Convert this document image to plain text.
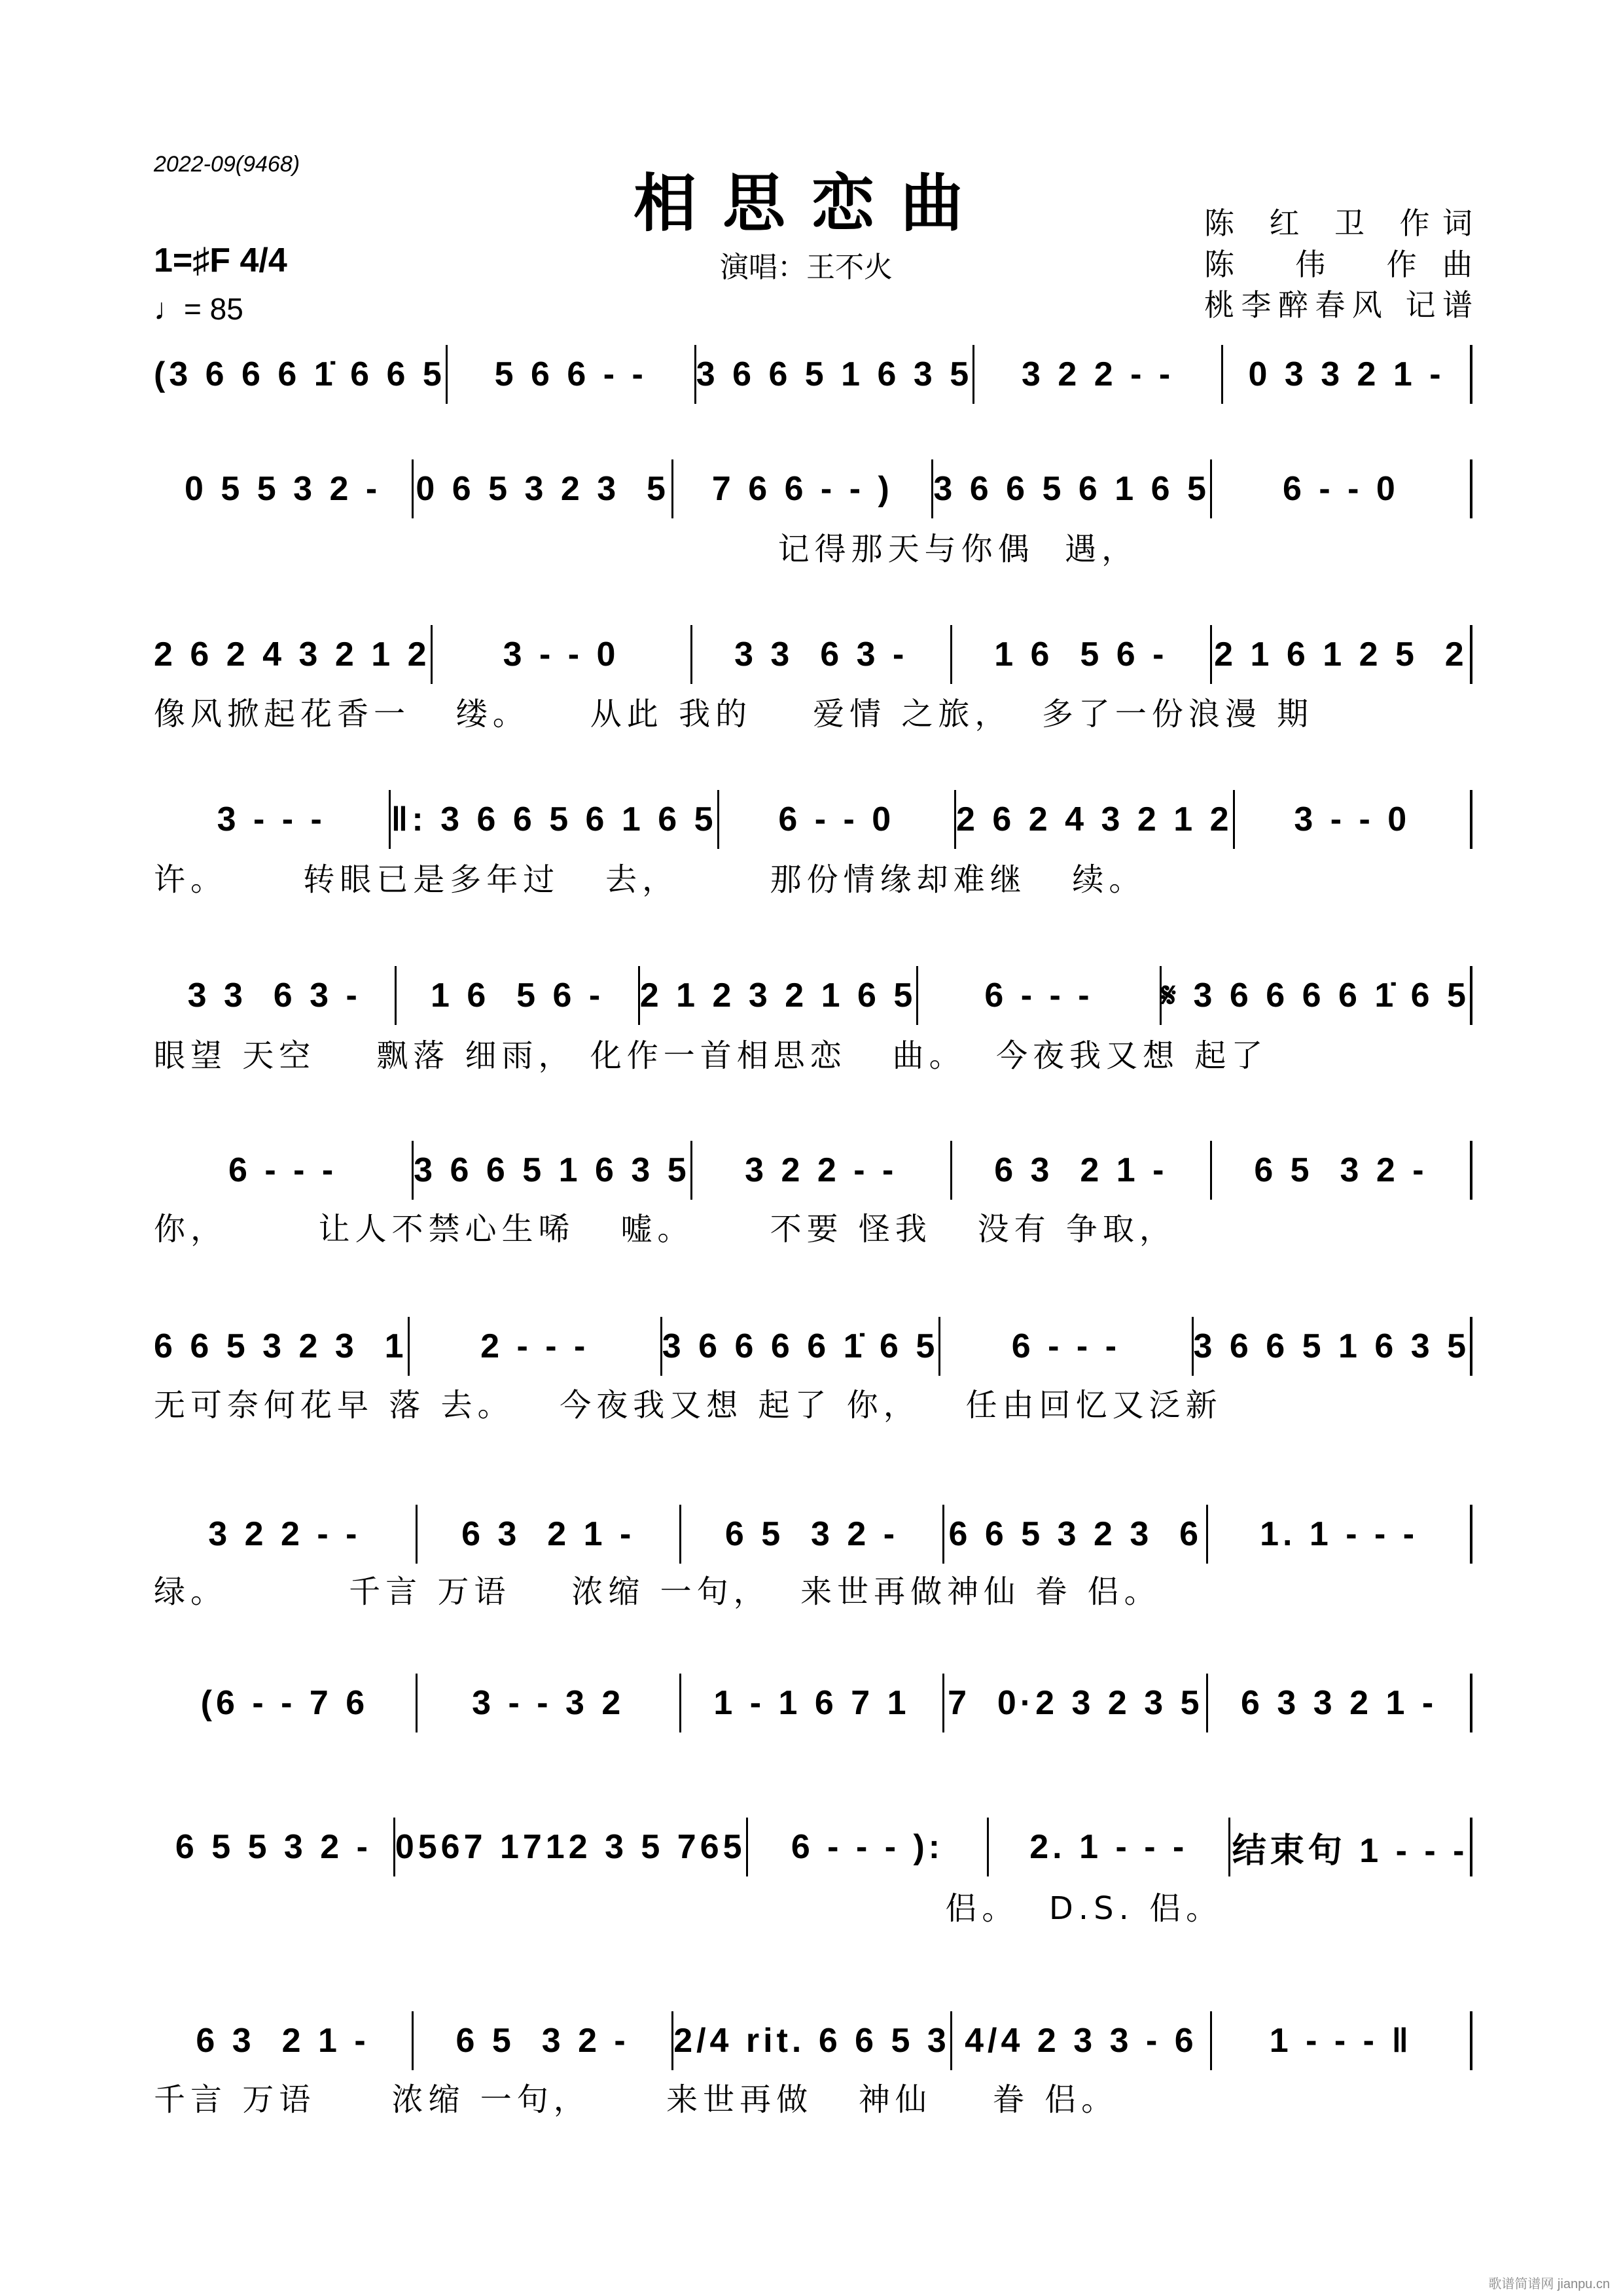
2022-09(9468)
相思恋曲
演唱：王不火
陈 红 卫 作词
陈 伟 作曲
桃李醉春风 记谱
1=♯F 4/4
♩= 85
(3 6 6 6 1̇ 6 6 5	5 6 6 - -	3 6 6 5 1 6 3 5	3 2 2 - -	0 3 3 2 1 -
0 5 5 3 2 -	0 6 5 3 2 3  5	7 6 6 - - )	3 6 6 5 6 1 6 5	6 - - 0
记得那天与你偶  遇，
2 6 2 4 3 2 1 2	3 - - 0	3 3  6 3 -	1 6  5 6 -	2 1 6 1 2 5  2
像风掀起花香一   缕。    从此 我的    爱情 之旅，  多了一份浪漫 期
3 - - -	‖: 3 6 6 5 6 1 6 5	6 - - 0	2 6 2 4 3 2 1 2	3 - - 0
许。     转眼已是多年过   去，      那份情缘却难继   续。
3 3  6 3 -	1 6  5 6 -	2 1 2 3 2 1 6 5	6 - - -	𝄋 3 6 6 6 6 1̇ 6 5
眼望 天空    飘落 细雨， 化作一首相思恋   曲。  今夜我又想 起了
6 - - -	3 6 6 5 1 6 3 5	3 2 2 - -	6 3  2 1 -	6 5  3 2 -
你，      让人不禁心生唏   嘘。     不要 怪我   没有 争取，
6 6 5 3 2 3  1	2 - - -	3 6 6 6 6 1̇ 6 5	6 - - -	3 6 6 5 1 6 3 5
无可奈何花早 落 去。   今夜我又想 起了 你，   任由回忆又泛新
3 2 2 - -	6 3  2 1 -	6 5  3 2 -	6 6 5 3 2 3  6	1. 1 - - -
绿。        千言 万语    浓缩 一句，  来世再做神仙 眷 侣。
(6 - - 7 6	3 - - 3 2	1 - 1 6 7 1	7  0·2 3 2 3 5	6 3 3 2 1 -
6 5 5 3 2 - 0567 1712 3 5 765	6 - - - ):	2. 1 - - -	结束句 1 - - -
侣。  D.S. 侣。
6 3  2 1 -	6 5  3 2 -	2/4 rit. 6 6 5 3 4/4 2 3 3 - 6	1 - - - ‖
千言 万语     浓缩 一句，     来世再做   神仙    眷 侣。
歌谱简谱网 jianpu.cn
